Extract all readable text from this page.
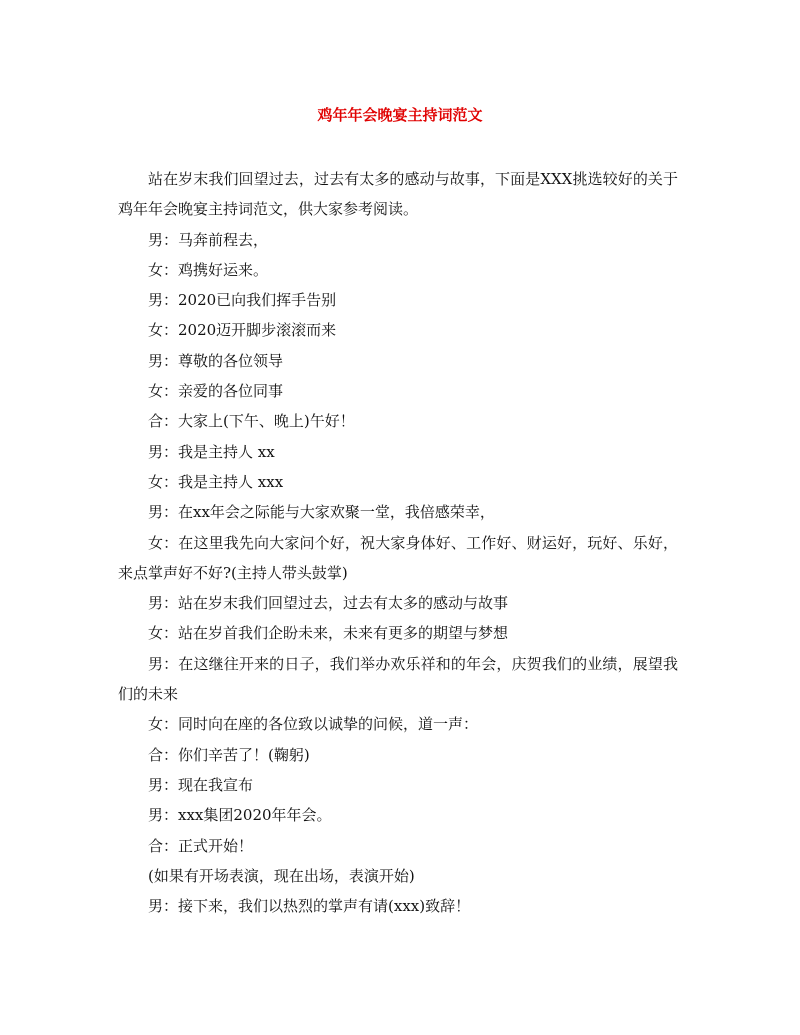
鸡年年会晚宴主持词范文

站在岁末我们回望过去，过去有太多的感动与故事，下面是XXX挑选较好的关于鸡年年会晚宴主持词范文，供大家参考阅读。

男：马奔前程去，

女：鸡携好运来。

男：2020已向我们挥手告别

女：2020迈开脚步滚滚而来

男：尊敬的各位领导

女：亲爱的各位同事

合：大家上(下午、晚上)午好！

男：我是主持人 xx

女：我是主持人 xxx

男：在xx年会之际能与大家欢聚一堂，我倍感荣幸，

女：在这里我先向大家问个好，祝大家身体好、工作好、财运好，玩好、乐好，来点掌声好不好?(主持人带头鼓掌)

男：站在岁末我们回望过去，过去有太多的感动与故事

女：站在岁首我们企盼未来，未来有更多的期望与梦想

男：在这继往开来的日子，我们举办欢乐祥和的年会，庆贺我们的业绩，展望我们的未来

女：同时向在座的各位致以诚挚的问候，道一声：

合：你们辛苦了！(鞠躬)

男：现在我宣布

男：xxx集团2020年年会。

合：正式开始！

(如果有开场表演，现在出场，表演开始)

男：接下来，我们以热烈的掌声有请(xxx)致辞！
